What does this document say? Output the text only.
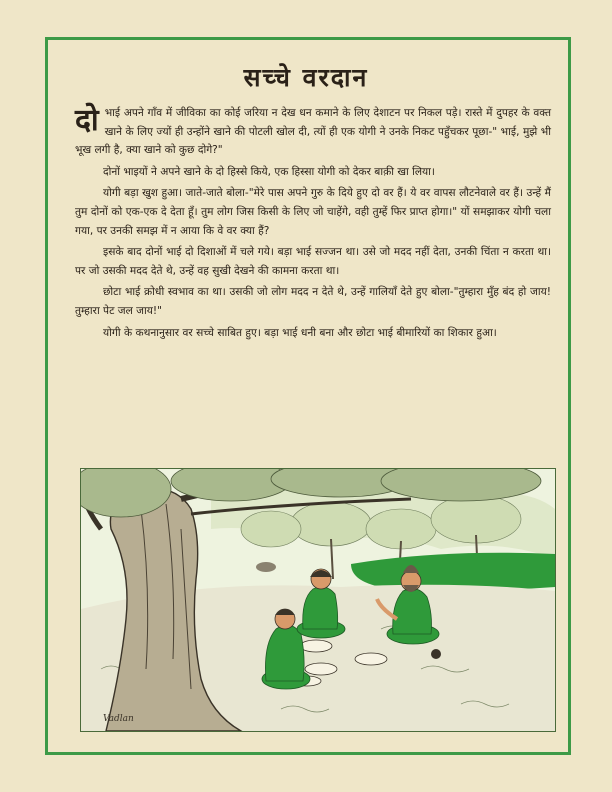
सच्चे वरदान

दोभाई अपने गाँव में जीविका का कोई जरिया न देख धन कमाने के लिए देशाटन पर निकल पड़े। रास्ते में दुपहर के वक्त खाने के लिए ज्यों ही उन्होंने खाने की पोटली खोल दी, त्यों ही एक योगी ने उनके निकट पहुँचकर पूछा-" भाई, मुझे भी भूख लगी है, क्या खाने को कुछ दोगे?"

दोनों भाइयों ने अपने खाने के दो हिस्से किये, एक हिस्सा योगी को देकर बाक़ी खा लिया।

योगी बड़ा खुश हुआ। जाते-जाते बोला-"मेरे पास अपने गुरु के दिये हुए दो वर हैं। ये वर वापस लौटनेवाले वर हैं। उन्हें मैं तुम दोनों को एक-एक दे देता हूँ। तुम लोग जिस किसी के लिए जो चाहेंगे, वही तुम्हें फिर प्राप्त होगा।" यों समझाकर योगी चला गया, पर उनकी समझ में न आया कि वे वर क्या हैं?

इसके बाद दोनों भाई दो दिशाओं में चले गये। बड़ा भाई सज्जन था। उसे जो मदद नहीं देता, उनकी चिंता न करता था। पर जो उसकी मदद देते थे, उन्हें वह सुखी देखने की कामना करता था।

छोटा भाई क्रोधी स्वभाव का था। उसकी जो लोग मदद न देते थे, उन्हें गालियाँ देते हुए बोला-"तुम्हारा मुँह बंद हो जाय! तुम्हारा पेट जल जाय!"

योगी के कथनानुसार वर सच्चे साबित हुए। बड़ा भाई धनी बना और छोटा भाई बीमारियों का शिकार हुआ।

Vadlan
